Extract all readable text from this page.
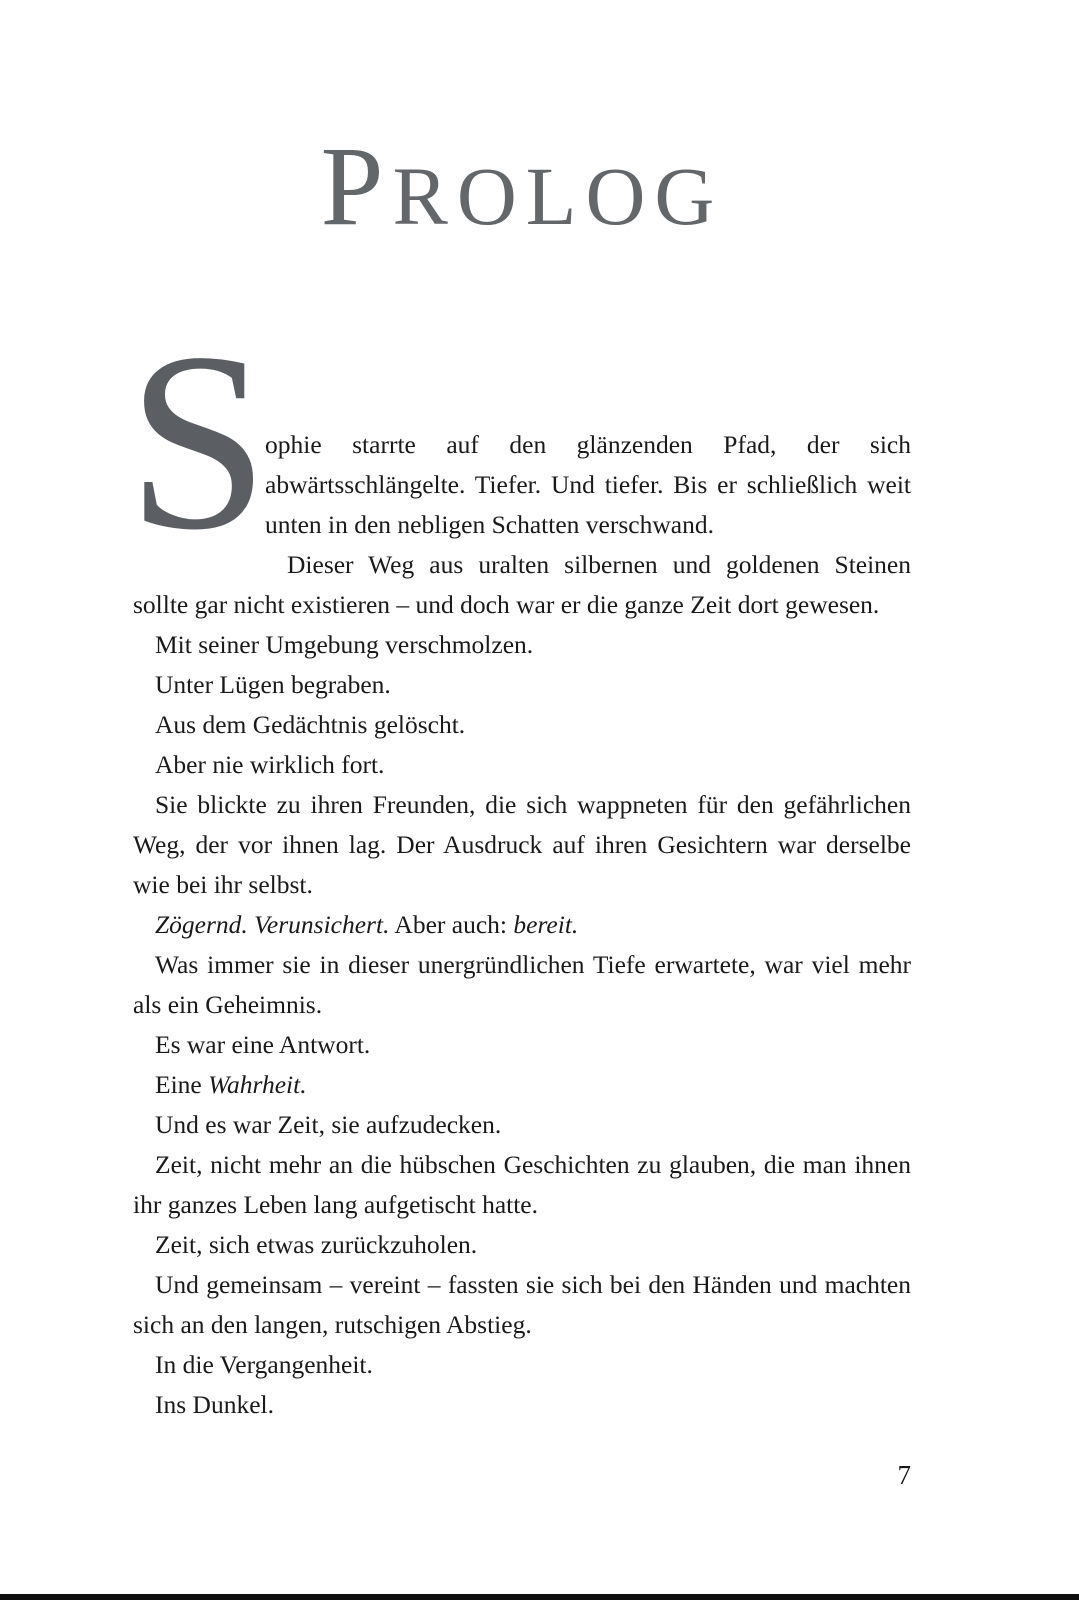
PROLOG

S
ophie starrte auf den glänzenden Pfad, der sich abwärtsschlängelte. Tiefer. Und tiefer. Bis er schließlich weit unten in den nebligen Schatten verschwand.

Dieser Weg aus uralten silbernen und goldenen Steinen sollte gar nicht existieren – und doch war er die ganze Zeit dort gewesen.

Mit seiner Umgebung verschmolzen.

Unter Lügen begraben.

Aus dem Gedächtnis gelöscht.

Aber nie wirklich fort.

Sie blickte zu ihren Freunden, die sich wappneten für den gefährlichen Weg, der vor ihnen lag. Der Ausdruck auf ihren Gesichtern war derselbe wie bei ihr selbst.

Zögernd. Verunsichert. Aber auch: bereit.

Was immer sie in dieser unergründlichen Tiefe erwartete, war viel mehr als ein Geheimnis.

Es war eine Antwort.

Eine Wahrheit.

Und es war Zeit, sie aufzudecken.

Zeit, nicht mehr an die hübschen Geschichten zu glauben, die man ihnen ihr ganzes Leben lang aufgetischt hatte.

Zeit, sich etwas zurückzuholen.

Und gemeinsam – vereint – fassten sie sich bei den Händen und machten sich an den langen, rutschigen Abstieg.

In die Vergangenheit.

Ins Dunkel.

7
